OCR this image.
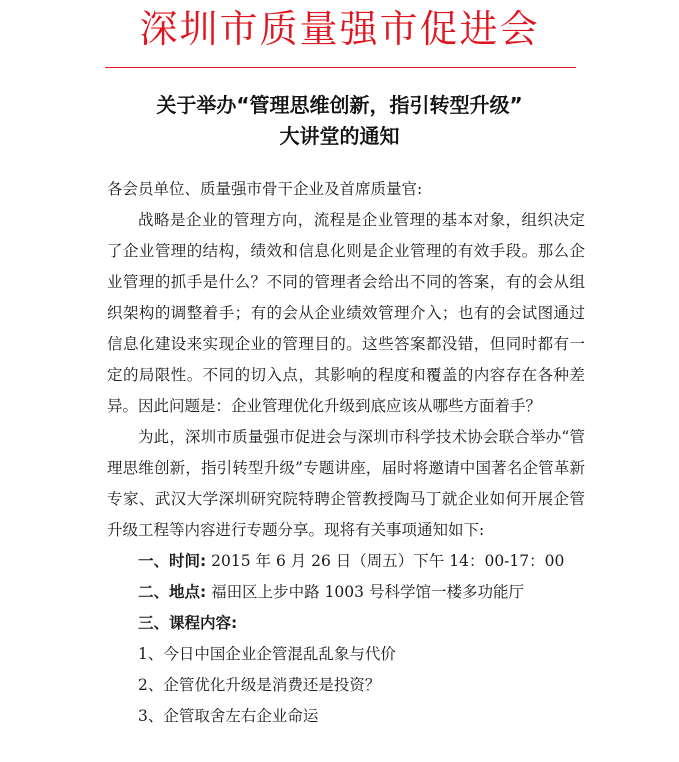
深圳市质量强市促进会
关于举办“管理思维创新，指引转型升级”
大讲堂的通知

各会员单位、质量强市骨干企业及首席质量官:

战略是企业的管理方向，流程是企业管理的基本对象，组织决定了企业管理的结构，绩效和信息化则是企业管理的有效手段。那么企业管理的抓手是什么？不同的管理者会给出不同的答案，有的会从组织架构的调整着手；有的会从企业绩效管理介入；也有的会试图通过信息化建设来实现企业的管理目的。这些答案都没错，但同时都有一定的局限性。不同的切入点，其影响的程度和覆盖的内容存在各种差异。因此问题是：企业管理优化升级到底应该从哪些方面着手？

为此，深圳市质量强市促进会与深圳市科学技术协会联合举办“管理思维创新，指引转型升级”专题讲座，届时将邀请中国著名企管革新专家、武汉大学深圳研究院特聘企管教授陶马丁就企业如何开展企管升级工程等内容进行专题分享。现将有关事项通知如下:

一、时间: 2015 年 6 月 26 日（周五）下午 14：00-17：00

二、地点: 福田区上步中路 1003 号科学馆一楼多功能厅

三、课程内容:

1、今日中国企业企管混乱乱象与代价

2、企管优化升级是消费还是投资？

3、企管取舍左右企业命运
